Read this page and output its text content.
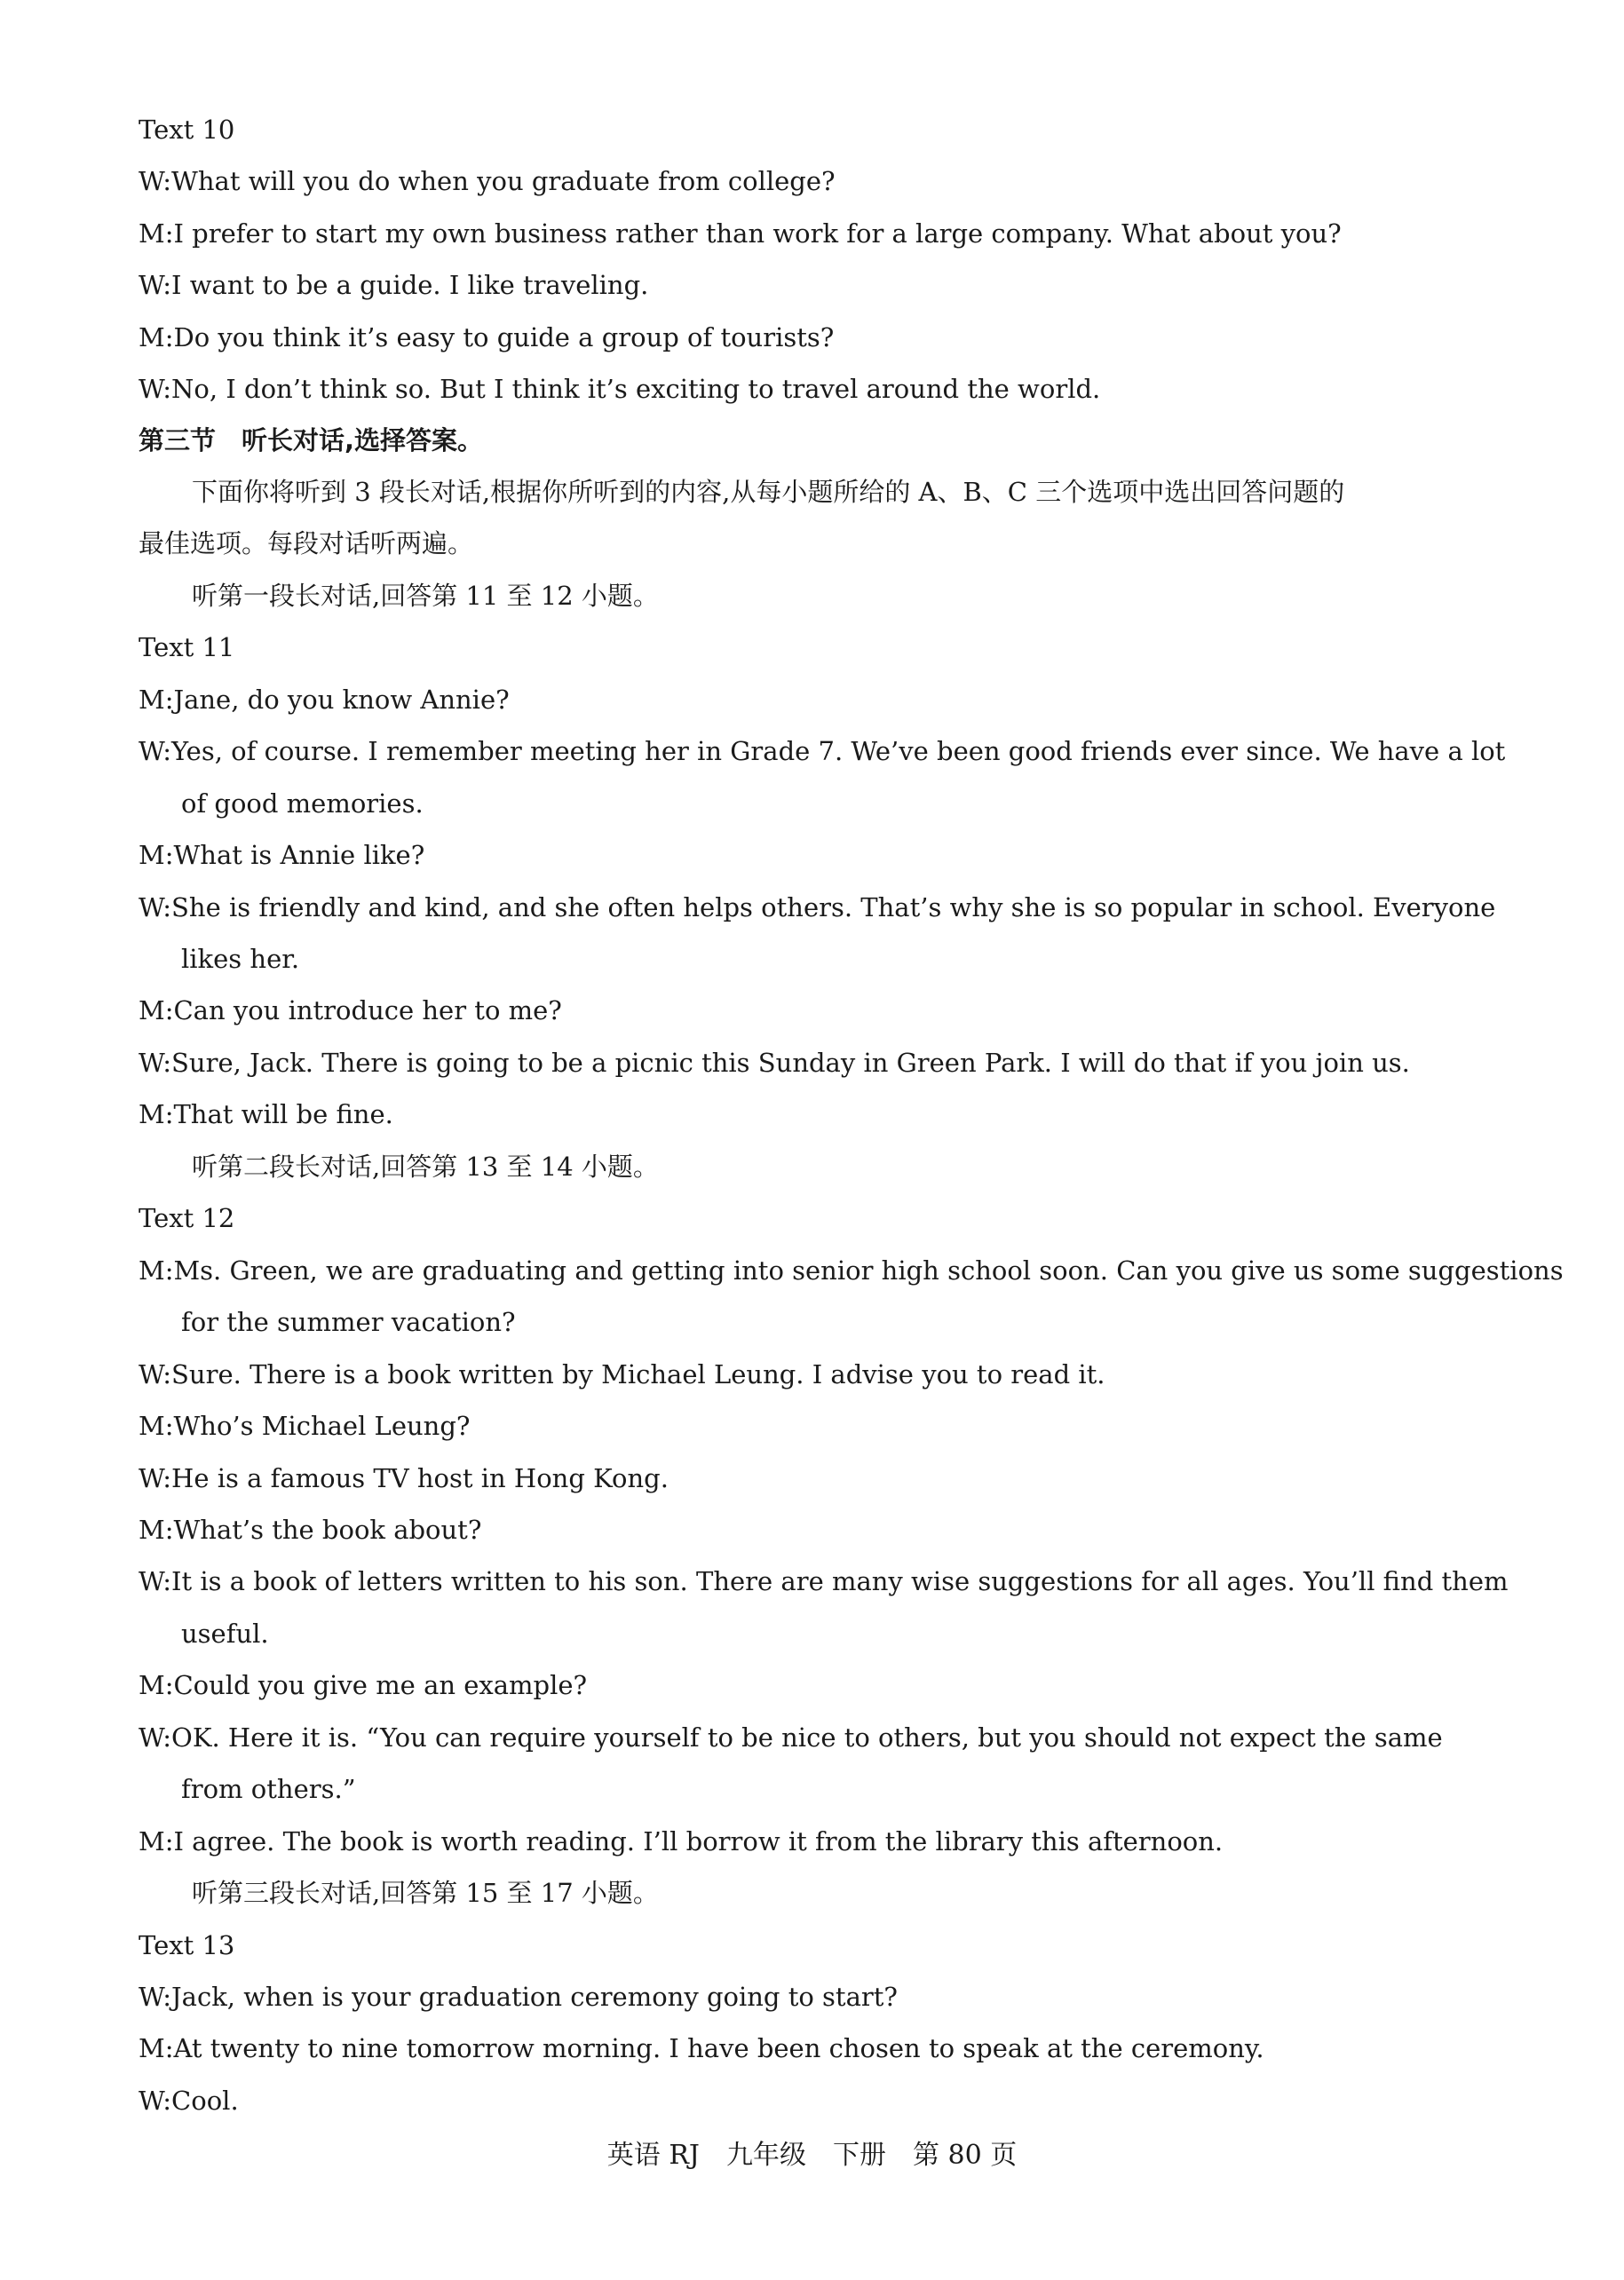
Text 10
W:What will you do when you graduate from college?
M:I prefer to start my own business rather than work for a large company. What about you?
W:I want to be a guide. I like traveling.
M:Do you think it’s easy to guide a group of tourists?
W:No, I don’t think so. But I think it’s exciting to travel around the world.
第三节　听长对话,选择答案。
下面你将听到 3 段长对话,根据你所听到的内容,从每小题所给的 A、B、C 三个选项中选出回答问题的
最佳选项。每段对话听两遍。
听第一段长对话,回答第 11 至 12 小题。
Text 11
M:Jane, do you know Annie?
W:Yes, of course. I remember meeting her in Grade 7. We’ve been good friends ever since. We have a lot
of good memories.
M:What is Annie like?
W:She is friendly and kind, and she often helps others. That’s why she is so popular in school. Everyone
likes her.
M:Can you introduce her to me?
W:Sure, Jack. There is going to be a picnic this Sunday in Green Park. I will do that if you join us.
M:That will be fine.
听第二段长对话,回答第 13 至 14 小题。
Text 12
M:Ms. Green, we are graduating and getting into senior high school soon. Can you give us some suggestions
for the summer vacation?
W:Sure. There is a book written by Michael Leung. I advise you to read it.
M:Who’s Michael Leung?
W:He is a famous TV host in Hong Kong.
M:What’s the book about?
W:It is a book of letters written to his son. There are many wise suggestions for all ages. You’ll find them
useful.
M:Could you give me an example?
W:OK. Here it is. “You can require yourself to be nice to others, but you should not expect the same
from others.”
M:I agree. The book is worth reading. I’ll borrow it from the library this afternoon.
听第三段长对话,回答第 15 至 17 小题。
Text 13
W:Jack, when is your graduation ceremony going to start?
M:At twenty to nine tomorrow morning. I have been chosen to speak at the ceremony.
W:Cool.
英语 RJ　九年级　下册　第 80 页
